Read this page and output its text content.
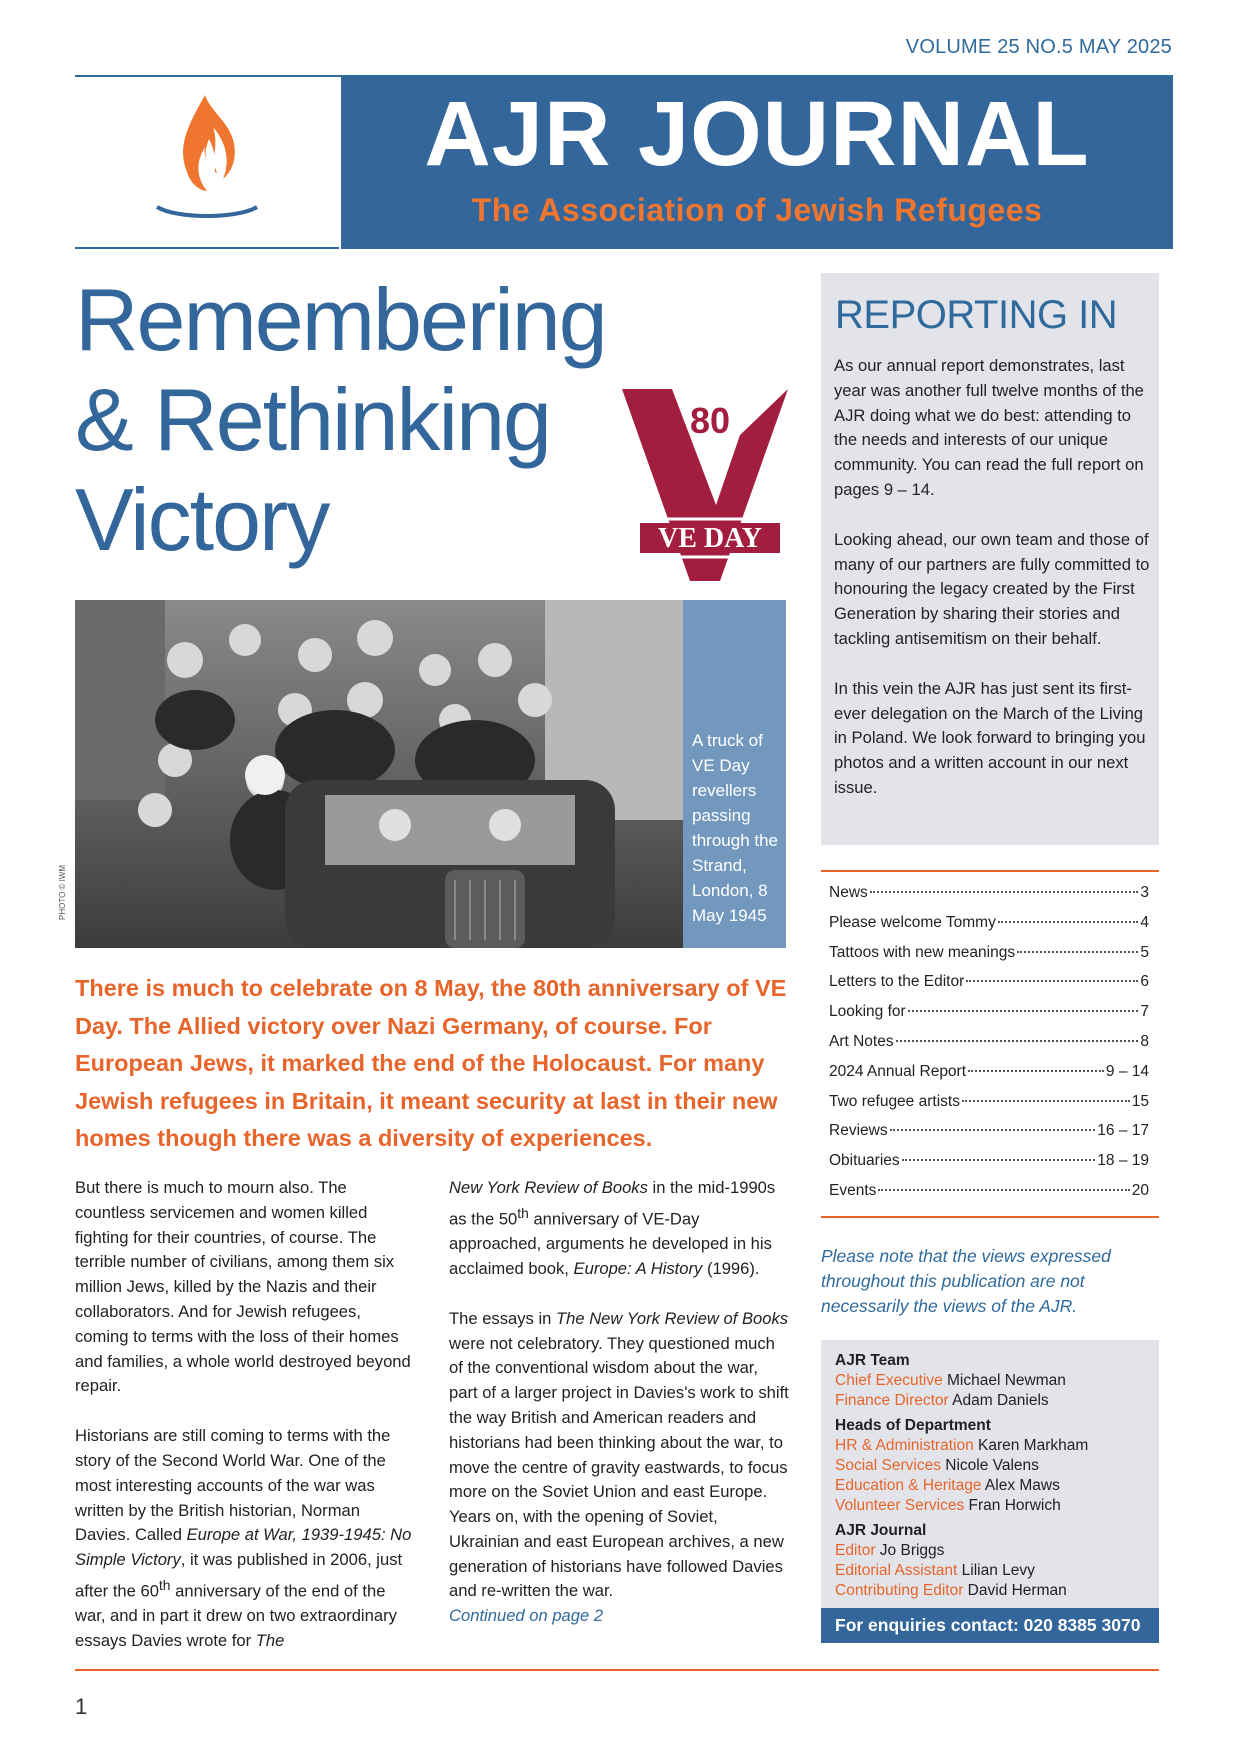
VOLUME 25 NO.5 MAY 2025
AJR JOURNAL
The Association of Jewish Refugees
Remembering
& Rethinking
Victory	VE DAY
80
A truck of VE Day revellers passing through the Strand, London, 8 May 1945
PHOTO © IWM
There is much to celebrate on 8 May, the 80th anniversary of VE Day. The Allied victory over Nazi Germany, of course. For European Jews, it marked the end of the Holocaust. For many Jewish refugees in Britain, it meant security at last in their new homes though there was a diversity of experiences.

But there is much to mourn also. The countless servicemen and women killed fighting for their countries, of course. The terrible number of civilians, among them six million Jews, killed by the Nazis and their collaborators. And for Jewish refugees, coming to terms with the loss of their homes and families, a whole world destroyed beyond repair.

Historians are still coming to terms with the story of the Second World War. One of the most interesting accounts of the war was written by the British historian, Norman Davies. Called Europe at War, 1939-1945: No Simple Victory, it was published in 2006, just after the 60th anniversary of the end of the war, and in part it drew on two extraordinary essays Davies wrote for The

New York Review of Books in the mid-1990s as the 50th anniversary of VE-Day approached, arguments he developed in his acclaimed book, Europe: A History (1996).

The essays in The New York Review of Books were not celebratory. They questioned much of the conventional wisdom about the war, part of a larger project in Davies's work to shift the way British and American readers and historians had been thinking about the war, to move the centre of gravity eastwards, to focus more on the Soviet Union and east Europe. Years on, with the opening of Soviet, Ukrainian and east European archives, a new generation of historians have followed Davies and re-written the war.

Continued on page 2
REPORTING IN

As our annual report demonstrates, last year was another full twelve months of the AJR doing what we do best: attending to the needs and interests of our unique community. You can read the full report on pages 9 – 14.

Looking ahead, our own team and those of many of our partners are fully committed to honouring the legacy created by the First Generation by sharing their stories and tackling antisemitism on their behalf.

In this vein the AJR has just sent its first-ever delegation on the March of the Living in Poland. We look forward to bringing you photos and a written account in our next issue.

News	3
Please welcome Tommy	4
Tattoos with new meanings	5
Letters to the Editor	6
Looking for	7
Art Notes	8
2024 Annual Report	9 – 14
Two refugee artists	15
Reviews	16 – 17
Obituaries	18 – 19
Events	20
Please note that the views expressed throughout this publication are not necessarily the views of the AJR.
AJR Team
Chief Executive Michael Newman
Finance Director Adam Daniels
Heads of Department
HR & Administration Karen Markham
Social Services Nicole Valens
Education & Heritage Alex Maws
Volunteer Services Fran Horwich
AJR Journal
Editor Jo Briggs
Editorial Assistant Lilian Levy
Contributing Editor David Herman
For enquiries contact: 020 8385 3070
1
